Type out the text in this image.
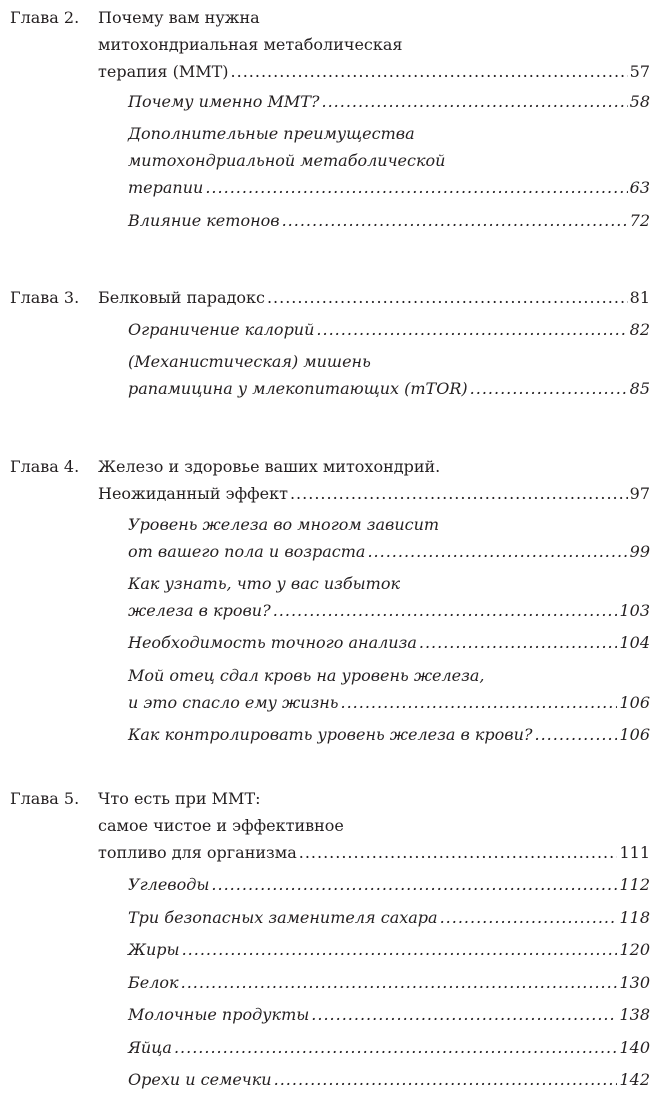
Глава 2. Почему вам нужна
митохондриальная метаболическая
терапия (ММТ) .....	57
Почему именно ММТ? .....	58
Дополнительные преимущества
митохондриальной метаболической
терапии .....	63
Влияние кетонов .....	72
Глава 3. Белковый парадокс .....	81
Ограничение калорий .....	82
(Механистическая) мишень
рапамицина у млекопитающих (mTOR) .....	85
Глава 4. Железо и здоровье ваших митохондрий.
Неожиданный эффект .....	97
Уровень железа во многом зависит
от вашего пола и возраста .....	99
Как узнать, что у вас избыток
железа в крови? .....	103
Необходимость точного анализа .....	104
Мой отец сдал кровь на уровень железа,
и это спасло ему жизнь .....	106
Как контролировать уровень железа в крови? .....	106
Глава 5. Что есть при ММТ:
самое чистое и эффективное
топливо для организма .....	111
Углеводы .....	112
Три безопасных заменителя сахара .....	118
Жиры .....	120
Белок .....	130
Молочные продукты .....	138
Яйца .....	140
Орехи и семечки .....	142
